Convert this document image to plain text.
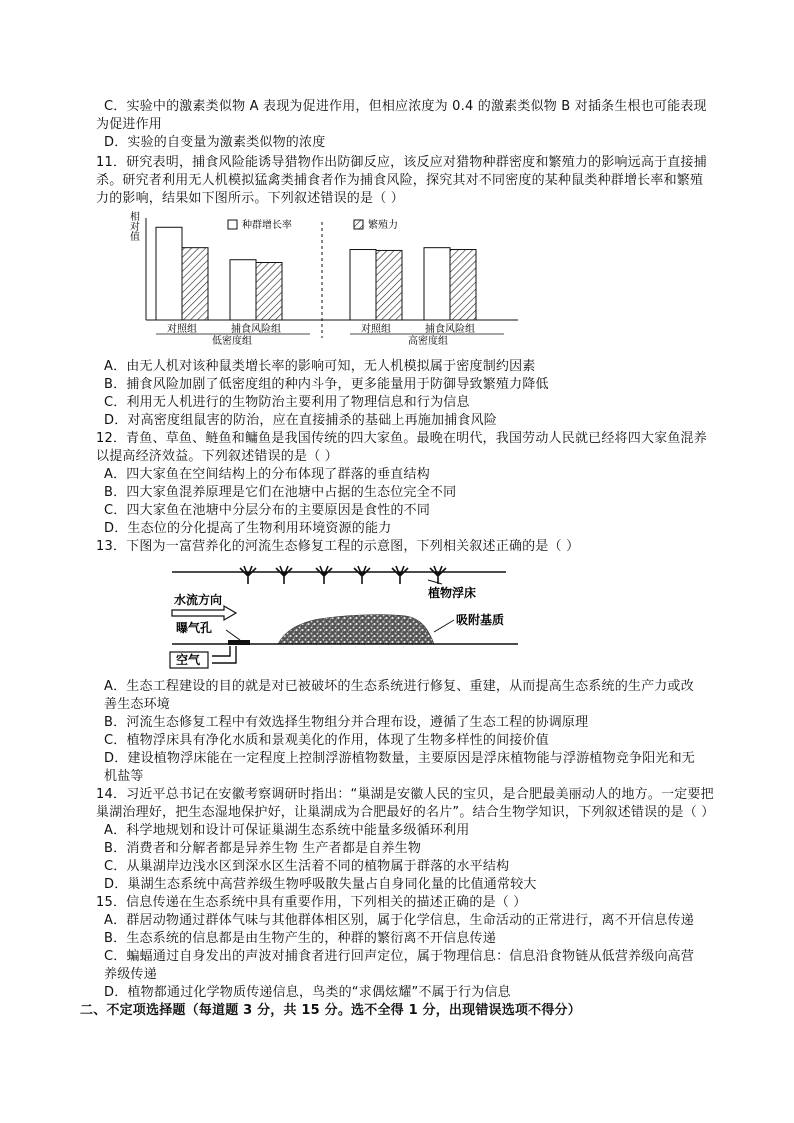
C．实验中的激素类似物 A 表现为促进作用，但相应浓度为 0.4 的激素类似物 B 对插条生根也可能表现
为促进作用
D．实验的自变量为激素类似物的浓度
11．研究表明，捕食风险能诱导猎物作出防御反应，该反应对猎物种群密度和繁殖力的影响远高于直接捕
杀。研究者利用无人机模拟猛禽类捕食者作为捕食风险，探究其对不同密度的某种鼠类种群增长率和繁殖
力的影响，结果如下图所示。下列叙述错误的是（ ）
相
对
值
种群增长率	繁殖力
对照组	捕食风险组	对照组	捕食风险组
低密度组	高密度组
A．由无人机对该种鼠类增长率的影响可知，无人机模拟属于密度制约因素
B．捕食风险加剧了低密度组的种内斗争，更多能量用于防御导致繁殖力降低
C．利用无人机进行的生物防治主要利用了物理信息和行为信息
D．对高密度组鼠害的防治，应在直接捕杀的基础上再施加捕食风险
12．青鱼、草鱼、鲢鱼和鳙鱼是我国传统的四大家鱼。最晚在明代，我国劳动人民就已经将四大家鱼混养
以提高经济效益。下列叙述错误的是（ ）
A．四大家鱼在空间结构上的分布体现了群落的垂直结构
B．四大家鱼混养原理是它们在池塘中占据的生态位完全不同
C．四大家鱼在池塘中分层分布的主要原因是食性的不同
D．生态位的分化提高了生物利用环境资源的能力
13．下图为一富营养化的河流生态修复工程的示意图，下列相关叙述正确的是（ ）
植物浮床
水流方向
曝气孔
吸附基质
空气
A．生态工程建设的目的就是对已被破坏的生态系统进行修复、重建，从而提高生态系统的生产力或改
善生态环境
B．河流生态修复工程中有效选择生物组分并合理布设，遵循了生态工程的协调原理
C．植物浮床具有净化水质和景观美化的作用，体现了生物多样性的间接价值
D．建设植物浮床能在一定程度上控制浮游植物数量，主要原因是浮床植物能与浮游植物竞争阳光和无
机盐等
14．习近平总书记在安徽考察调研时指出：“巢湖是安徽人民的宝贝，是合肥最美丽动人的地方。一定要把
巢湖治理好，把生态湿地保护好，让巢湖成为合肥最好的名片”。结合生物学知识，下列叙述错误的是（ ）
A．科学地规划和设计可保证巢湖生态系统中能量多级循环利用
B．消费者和分解者都是异养生物 生产者都是自养生物
C．从巢湖岸边浅水区到深水区生活着不同的植物属于群落的水平结构
D．巢湖生态系统中高营养级生物呼吸散失量占自身同化量的比值通常较大
15．信息传递在生态系统中具有重要作用，下列相关的描述正确的是（ ）
A．群居动物通过群体气味与其他群体相区别，属于化学信息，生命活动的正常进行，离不开信息传递
B．生态系统的信息都是由生物产生的，种群的繁衍离不开信息传递
C．蝙蝠通过自身发出的声波对捕食者进行回声定位，属于物理信息：信息沿食物链从低营养级向高营
养级传递
D．植物都通过化学物质传递信息，鸟类的“求偶炫耀”不属于行为信息
二、不定项选择题（每道题 3 分，共 15 分。选不全得 1 分，出现错误选项不得分）
